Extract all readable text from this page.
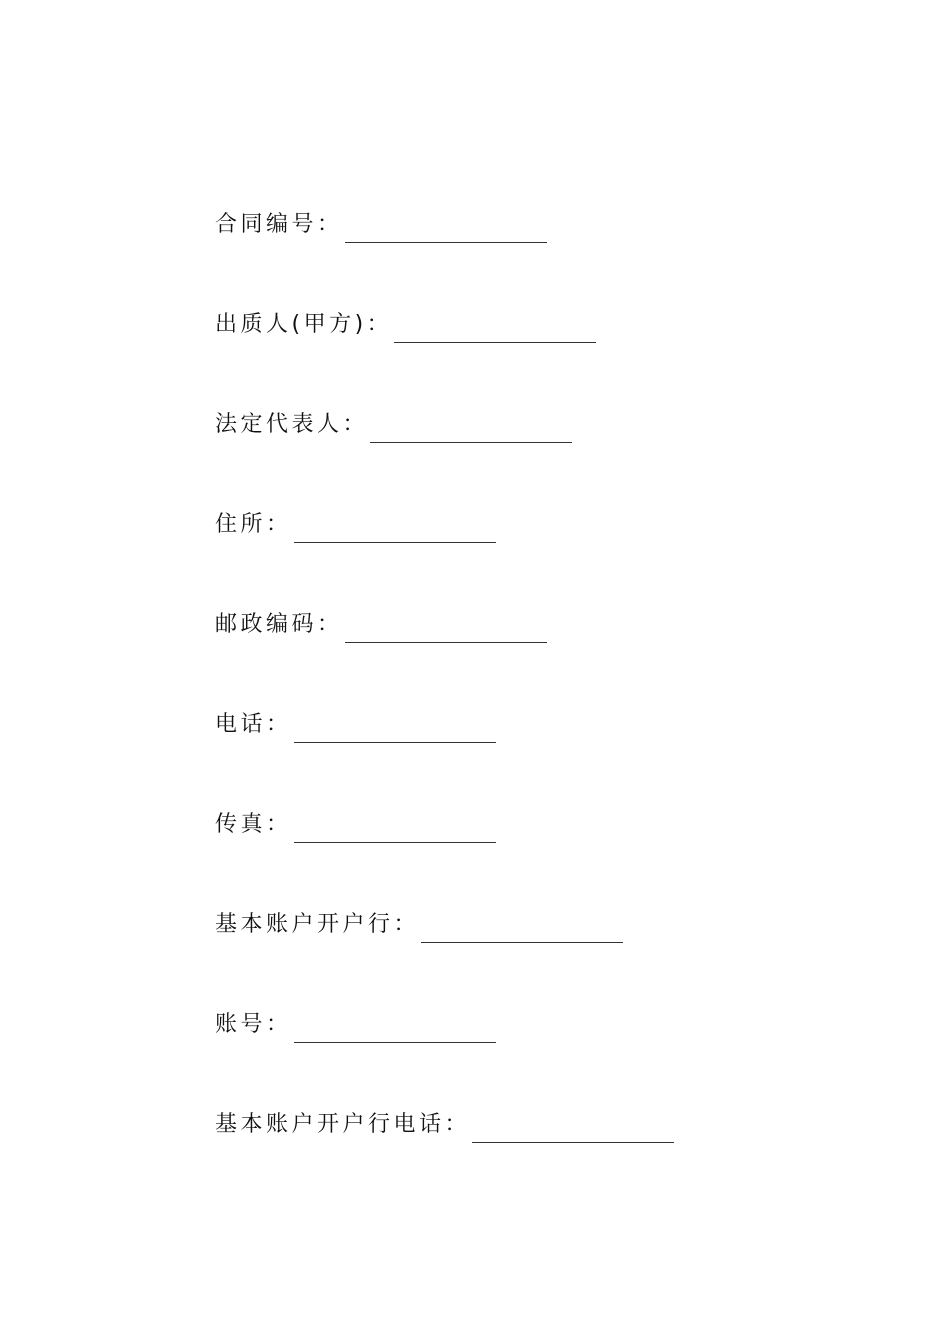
合同编号：
出质人(甲方)：
法定代表人：
住所：
邮政编码：
电话：
传真：
基本账户开户行：
账号：
基本账户开户行电话：
